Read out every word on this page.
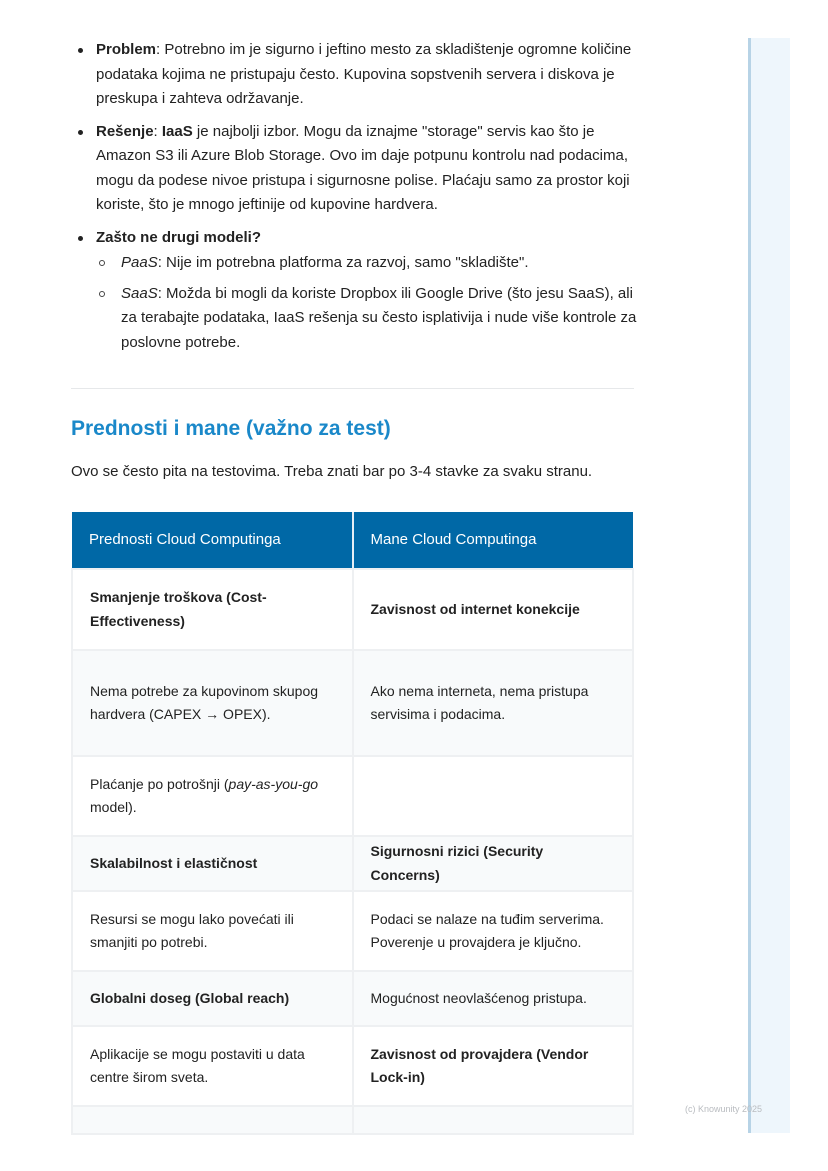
Problem: Potrebno im je sigurno i jeftino mesto za skladištenje ogromne količine podataka kojima ne pristupaju često. Kupovina sopstvenih servera i diskova je preskupa i zahteva održavanje.
Rešenje: IaaS je najbolji izbor. Mogu da iznajme "storage" servis kao što je Amazon S3 ili Azure Blob Storage. Ovo im daje potpunu kontrolu nad podacima, mogu da podese nivoe pristupa i sigurnosne polise. Plaćaju samo za prostor koji koriste, što je mnogo jeftinije od kupovine hardvera.
Zašto ne drugi modeli?
PaaS: Nije im potrebna platforma za razvoj, samo "skladište".
SaaS: Možda bi mogli da koriste Dropbox ili Google Drive (što jesu SaaS), ali za terabajte podataka, IaaS rešenja su često isplativija i nude više kontrole za poslovne potrebe.
Prednosti i mane (važno za test)
Ovo se često pita na testovima. Treba znati bar po 3-4 stavke za svaku stranu.
Prednosti Cloud Computinga	Mane Cloud Computinga
Smanjenje troškova (Cost-Effectiveness)	Zavisnost od internet konekcije
Nema potrebe za kupovinom skupog hardvera (CAPEX → OPEX).	Ako nema interneta, nema pristupa servisima i podacima.
Plaćanje po potrošnji (pay-as-you-go model).	
Skalabilnost i elastičnost	Sigurnosni rizici (Security Concerns)
Resursi se mogu lako povećati ili smanjiti po potrebi.	Podaci se nalaze na tuđim serverima. Poverenje u provajdera je ključno.
Globalni doseg (Global reach)	Mogućnost neovlašćenog pristupa.
Aplikacije se mogu postaviti u data centre širom sveta.	Zavisnost od provajdera (Vendor Lock-in)

(c) Knowunity 2025
